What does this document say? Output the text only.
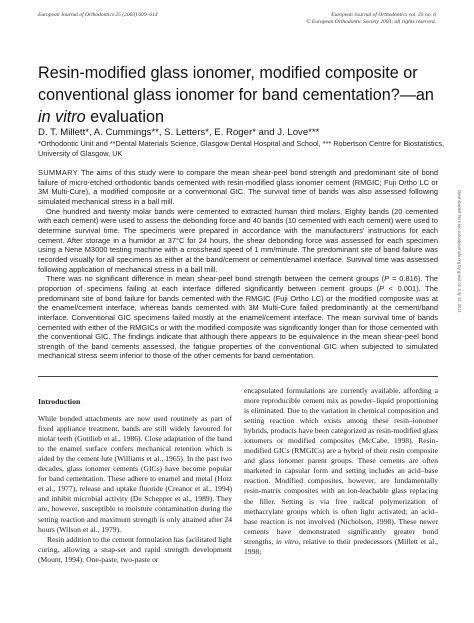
European Journal of Orthodontics 25 (2003) 609–614	European Journal of Orthodontics vol. 25 no. 6
© European Orthodontic Society 2003; all rights reserved.
Resin-modified glass ionomer, modified composite or conventional glass ionomer for band cementation?—an in vitro evaluation
D. T. Millett*, A. Cummings**, S. Letters*, E. Roger* and J. Love***
*Orthodontic Unit and **Dental Materials Science, Glasgow Dental Hospital and School, *** Robertson Centre for Biostatistics, University of Glasgow, UK

SUMMARY The aims of this study were to compare the mean shear-peel bond strength and predominant site of bond failure of micro-etched orthodontic bands cemented with resin-modified glass ionomer cement (RMGIC; Fuji Ortho LC or 3M Multi-Cure), a modified composite or a conventional GIC. The survival time of bands was also assessed following simulated mechanical stress in a ball mill.

One hundred and twenty molar bands were cemented to extracted human third molars. Eighty bands (20 cemented with each cement) were used to assess the debonding force and 40 bands (10 cemented with each cement) were used to determine survival time. The specimens were prepared in accordance with the manufacturers' instructions for each cement. After storage in a humidor at 37°C for 24 hours, the shear debonding force was assessed for each specimen using a Nene M3000 testing machine with a crosshead speed of 1 mm/minute. The predominant site of band failure was recorded visually for all specimens as either at the band/cement or cement/enamel interface. Survival time was assessed following application of mechanical stress in a ball mill.

There was no significant difference in mean shear-peel bond strength between the cement groups (P = 0.816). The proportion of specimens failing at each interface differed significantly between cement groups (P < 0.001). The predominant site of bond failure for bands cemented with the RMGIC (Fuji Ortho LC) or the modified composite was at the enamel/cement interface, whereas bands cemented with 3M Multi-Cure failed predominantly at the cement/band interface. Conventional GIC specimens failed mostly at the enamel/cement interface. The mean survival time of bands cemented with either of the RMGICs or with the modified composite was significantly longer than for those cemented with the conventional GIC. The findings indicate that although there appears to be equivalence in the mean shear-peel bond strength of the band cements assessed, the fatigue properties of the conventional GIC when subjected to simulated mechanical stress seem inferior to those of the other cements for band cementation.

Downloaded from ejo.oxfordjournals.org by guest on July 13, 2011
Introduction

While bonded attachments are now used routinely as part of fixed appliance treatment, bands are still widely favoured for molar teeth (Gottlieb et al., 1986). Close adaptation of the band to the enamel surface confers mechanical retention which is aided by the cement lute (Williams et al., 1965). In the past two decades, glass ionomer cements (GICs) have become popular for band cementation. These adhere to enamel and metal (Hotz et al., 1977), release and uptake fluoride (Creanor et al., 1994) and inhibit microbial activity (De Schepper et al., 1989). They are, however, susceptible to moisture contamination during the setting reaction and maximum strength is only attained after 24 hours (Wilson et al., 1979).

Resin addition to the cement formulation has facilitated light curing, allowing a snap-set and rapid strength development (Mount, 1994). One-paste, two-paste or

encapsulated formulations are currently available, affording a more reproducible cement mix as powder–liquid proportioning is eliminated. Due to the variation in chemical composition and setting reaction which exists among these resin–ionomer hybrids, products have been categorized as resin-modified glass ionomers or modified composites (McCabe, 1998). Resin-modified GICs (RMGICs) are a hybrid of their resin composite and glass ionomer parent groups. These cements are often marketed in capsular form and setting includes an acid–base reaction. Modified composites, however, are fundamentally resin-matrix composites with an ion-leachable glass replacing the filler. Setting is via free radical polymerization of methacrylate groups which is often light activated; an acid–base reaction is not involved (Nicholson, 1998). These newer cements have demonstrated significantly greater bond strengths, in vitro, relative to their predecessors (Millett et al., 1998;
